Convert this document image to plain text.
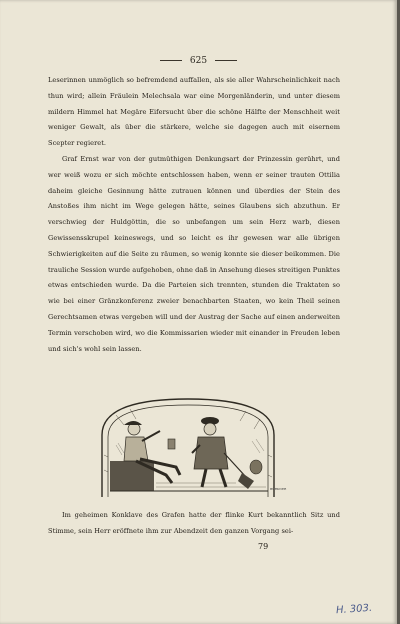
625

Leserinnen unmöglich so befremdend auffallen, als sie aller Wahrscheinlichkeit nach thun wird; allein Fräulein Melechsala war eine Morgenländerin, und unter diesem mildern Himmel hat Megäre Eifersucht über die schöne Hälfte der Menschheit weit weniger Gewalt, als über die stärkere, welche sie dagegen auch mit eisernem Scepter regieret.

Graf Ernst war von der gutmüthigen Denkungsart der Prinzessin gerührt, und wer weiß wozu er sich möchte entschlossen haben, wenn er seiner trauten Ottilia daheim gleiche Gesinnung hätte zutrauen können und überdies der Stein des Anstoßes ihm nicht im Wege gelegen hätte, seines Glaubens sich abzuthun. Er verschwieg der Huldgöttin, die so unbefangen um sein Herz warb, diesen Gewissensskrupel keineswegs, und so leicht es ihr gewesen war alle übrigen Schwierigkeiten auf die Seite zu räumen, so wenig konnte sie dieser beikommen. Die trauliche Session wurde aufgehoben, ohne daß in Ansehung dieses streitigen Punktes etwas entschieden wurde. Da die Parteien sich trennten, stunden die Traktaten so wie bei einer Gränzkonferenz zweier benachbarten Staaten, wo kein Theil seinen Gerechtsamen etwas vergeben will und der Austrag der Sache auf einen anderweiten Termin verschoben wird, wo die Kommissarien wieder mit einander in Freuden leben und sich's wohl sein lassen.

BÜRKNER

Im geheimen Konklave des Grafen hatte der flinke Kurt bekanntlich Sitz und Stimme, sein Herr eröffnete ihm zur Abendzeit den ganzen Vorgang sei-

79
H. 303.
